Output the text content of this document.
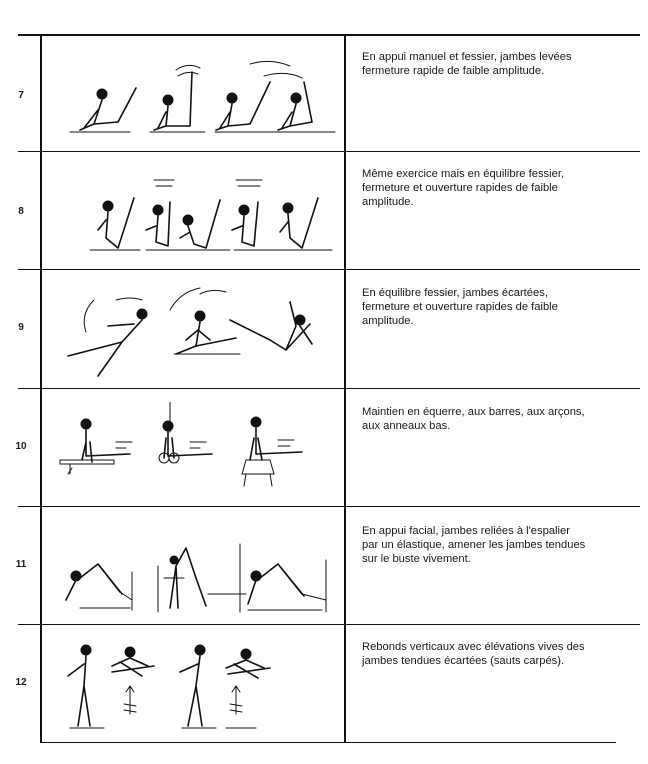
7
8
9
10
11
12
En appui manuel et fessier, jambes levées
fermeture rapide de faible amplitude.
Même exercice mais en équilibre fessier,
fermeture et ouverture rapides de faible
amplitude.
En équilibre fessier, jambes écartées,
fermeture et ouverture rapides de faible
amplitude.
Maintien en équerre, aux barres, aux arçons,
aux anneaux bas.
En appui facial, jambes reliées à l'espalier
par un élastique, amener les jambes tendues
sur le buste vivement.
Rebonds verticaux avec élévations vives des
jambes tendues écartées (sauts carpés).
